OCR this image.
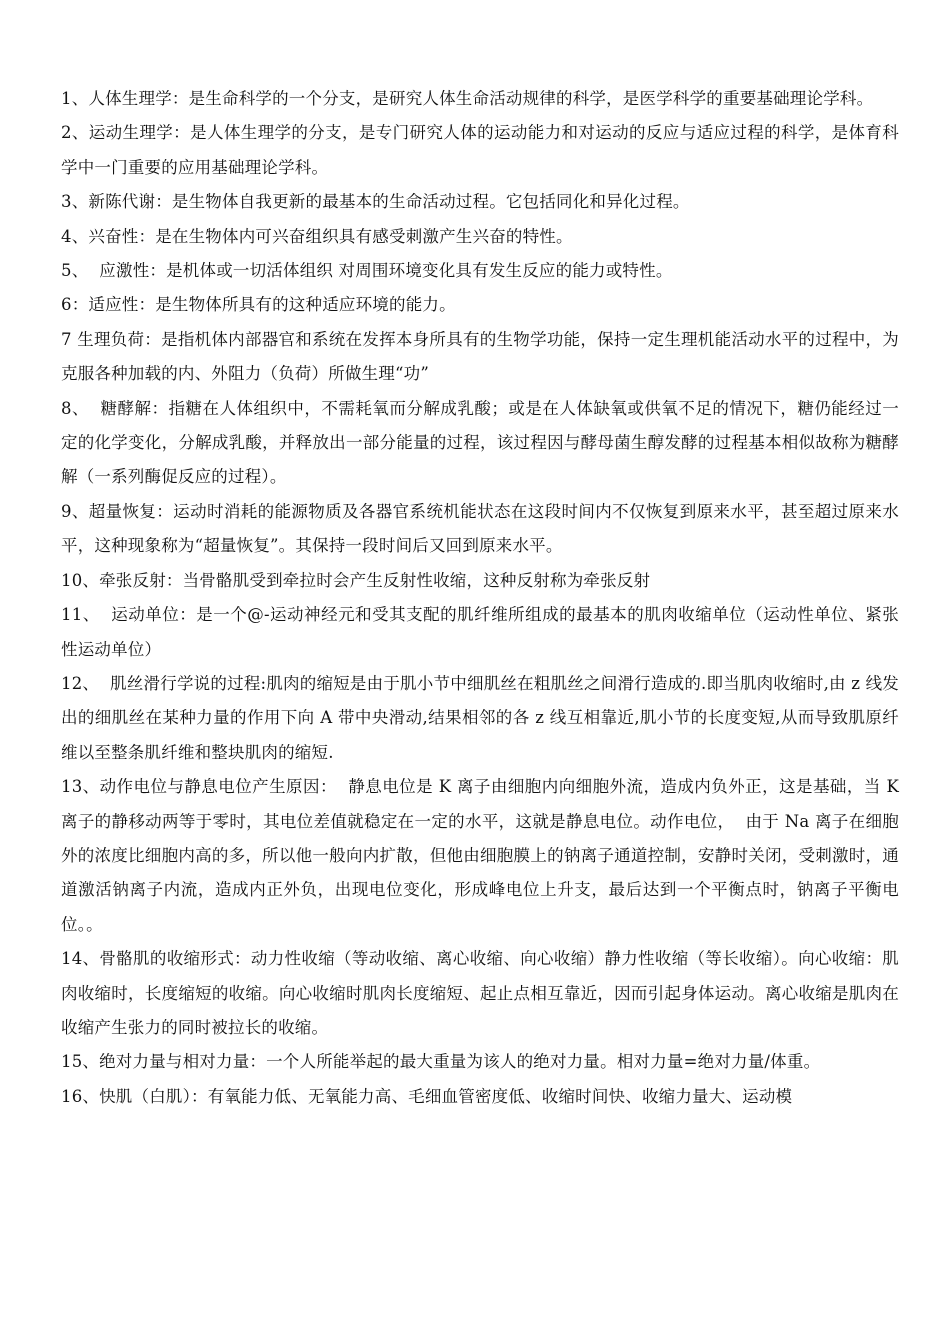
1、人体生理学：是生命科学的一个分支，是研究人体生命活动规律的科学，是医学科学的重要基础理论学科。

2、运动生理学：是人体生理学的分支，是专门研究人体的运动能力和对运动的反应与适应过程的科学，是体育科学中一门重要的应用基础理论学科。

3、新陈代谢：是生物体自我更新的最基本的生命活动过程。它包括同化和异化过程。

4、兴奋性：是在生物体内可兴奋组织具有感受刺激产生兴奋的特性。

5、  应激性：是机体或一切活体组织 对周围环境变化具有发生反应的能力或特性。

6：适应性：是生物体所具有的这种适应环境的能力。

7 生理负荷：是指机体内部器官和系统在发挥本身所具有的生物学功能，保持一定生理机能活动水平的过程中，为克服各种加载的内、外阻力（负荷）所做生理“功”

8、  糖酵解：指糖在人体组织中，不需耗氧而分解成乳酸；或是在人体缺氧或供氧不足的情况下，糖仍能经过一定的化学变化，分解成乳酸，并释放出一部分能量的过程，该过程因与酵母菌生醇发酵的过程基本相似故称为糖酵解（一系列酶促反应的过程）。

9、超量恢复：运动时消耗的能源物质及各器官系统机能状态在这段时间内不仅恢复到原来水平，甚至超过原来水平，这种现象称为“超量恢复”。其保持一段时间后又回到原来水平。

10、牵张反射：当骨骼肌受到牵拉时会产生反射性收缩，这种反射称为牵张反射

11、  运动单位：是一个@-运动神经元和受其支配的肌纤维所组成的最基本的肌肉收缩单位（运动性单位、紧张性运动单位）

12、  肌丝滑行学说的过程:肌肉的缩短是由于肌小节中细肌丝在粗肌丝之间滑行造成的.即当肌肉收缩时,由 z 线发出的细肌丝在某种力量的作用下向 A 带中央滑动,结果相邻的各 z 线互相靠近,肌小节的长度变短,从而导致肌原纤维以至整条肌纤维和整块肌肉的缩短.

13、动作电位与静息电位产生原因：  静息电位是 K 离子由细胞内向细胞外流，造成内负外正，这是基础，当 K 离子的静移动两等于零时，其电位差值就稳定在一定的水平，这就是静息电位。动作电位，  由于 Na 离子在细胞外的浓度比细胞内高的多，所以他一般向内扩散，但他由细胞膜上的钠离子通道控制，安静时关闭，受刺激时，通道激活钠离子内流，造成内正外负，出现电位变化，形成峰电位上升支，最后达到一个平衡点时，钠离子平衡电位。。

14、骨骼肌的收缩形式：动力性收缩（等动收缩、离心收缩、向心收缩）静力性收缩（等长收缩）。向心收缩：肌肉收缩时，长度缩短的收缩。向心收缩时肌肉长度缩短、起止点相互靠近，因而引起身体运动。离心收缩是肌肉在收缩产生张力的同时被拉长的收缩。

15、绝对力量与相对力量：一个人所能举起的最大重量为该人的绝对力量。相对力量=绝对力量/体重。

16、快肌（白肌）：有氧能力低、无氧能力高、毛细血管密度低、收缩时间快、收缩力量大、运动模
